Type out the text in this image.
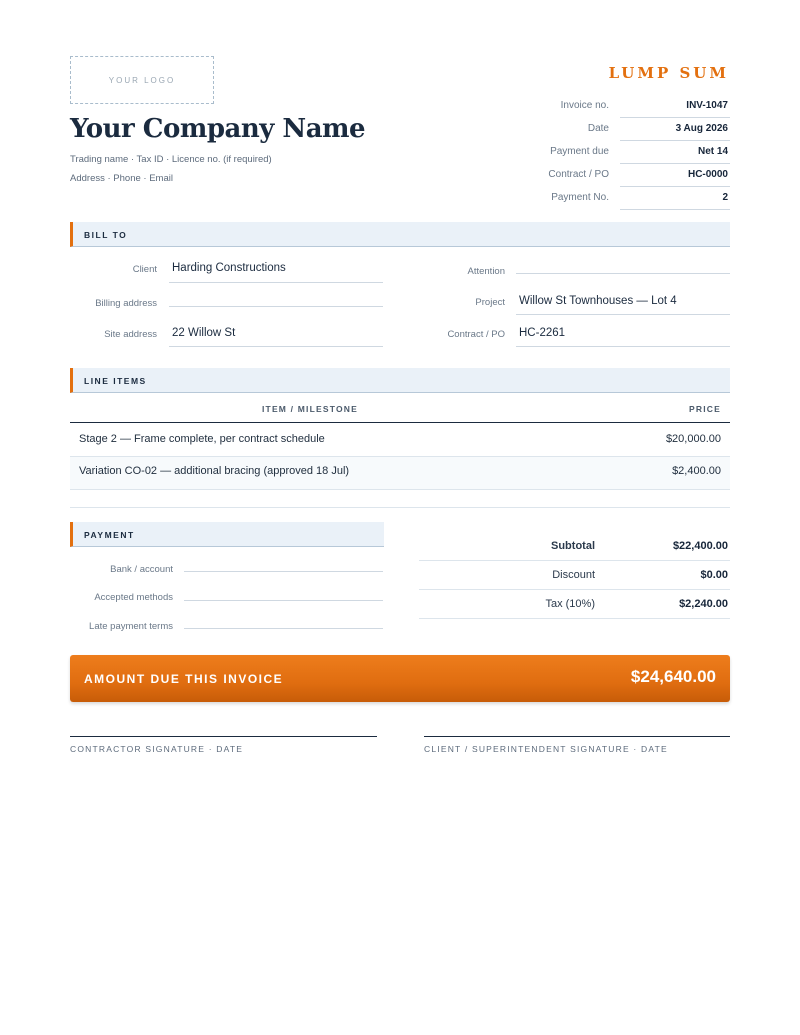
YOUR LOGO
Your Company Name
Trading name · Tax ID · Licence no. (if required)
Address · Phone · Email
LUMP SUM
Invoice no.	INV-1047
Date	3 Aug 2026
Payment due	Net 14
Contract / PO	HC-0000
Payment No.	2
BILL TO
Client Harding Constructions
Billing address
Site address 22 Willow St
Attention
Project Willow St Townhouses — Lot 4
Contract / PO HC-2261
LINE ITEMS
ITEM / MILESTONE	PRICE
Stage 2 — Frame complete, per contract schedule	$20,000.00
Variation CO-02 — additional bracing (approved 18 Jul)	$2,400.00
PAYMENT
Bank / account
Accepted methods
Late payment terms
Subtotal	$22,400.00
Discount	$0.00
Tax (10%)	$2,240.00
AMOUNT DUE THIS INVOICE	$24,640.00
CONTRACTOR SIGNATURE · DATE	CLIENT / SUPERINTENDENT SIGNATURE · DATE
